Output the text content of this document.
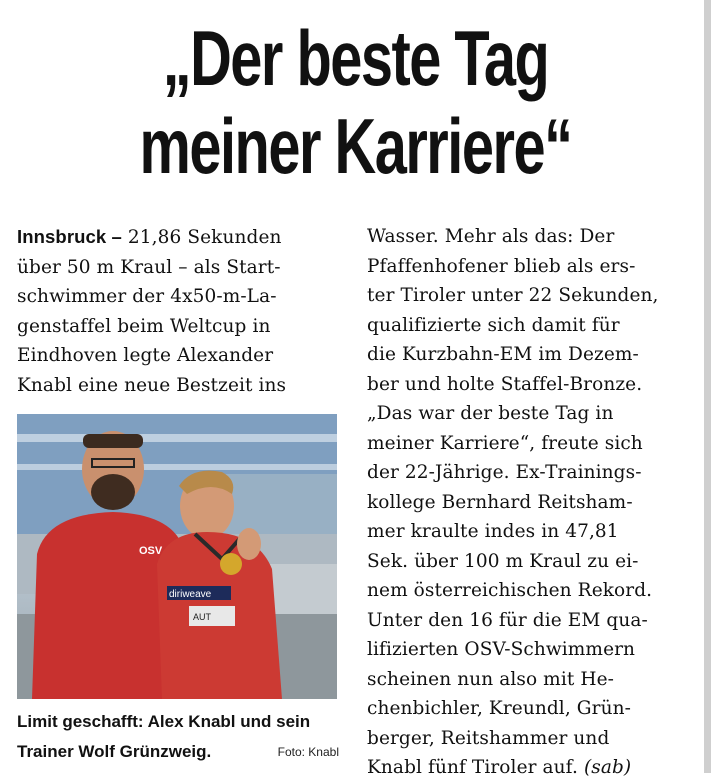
„Der beste Tag
meiner Karriere“
Innsbruck – 21,86 Sekunden
über 50 m Kraul – als Start-
schwimmer der 4x50-m-La-
genstaffel beim Weltcup in
Eindhoven legte Alexander
Knabl eine neue Bestzeit ins
OSV
diriweave
AUT
Limit geschafft: Alex Knabl und sein
Trainer Wolf Grünzweig.	Foto: Knabl
Wasser. Mehr als das: Der
Pfaffenhofener blieb als ers-
ter Tiroler unter 22 Sekunden,
qualifizierte sich damit für
die Kurzbahn-EM im Dezem-
ber und holte Staffel-Bronze.
„Das war der beste Tag in
meiner Karriere“, freute sich
der 22-Jährige. Ex-Trainings-
kollege Bernhard Reitsham-
mer kraulte indes in 47,81
Sek. über 100 m Kraul zu ei-
nem österreichischen Rekord.
Unter den 16 für die EM qua-
lifizierten OSV-Schwimmern
scheinen nun also mit He-
chenbichler, Kreundl, Grün-
berger, Reitshammer und
Knabl fünf Tiroler auf. (sab)
